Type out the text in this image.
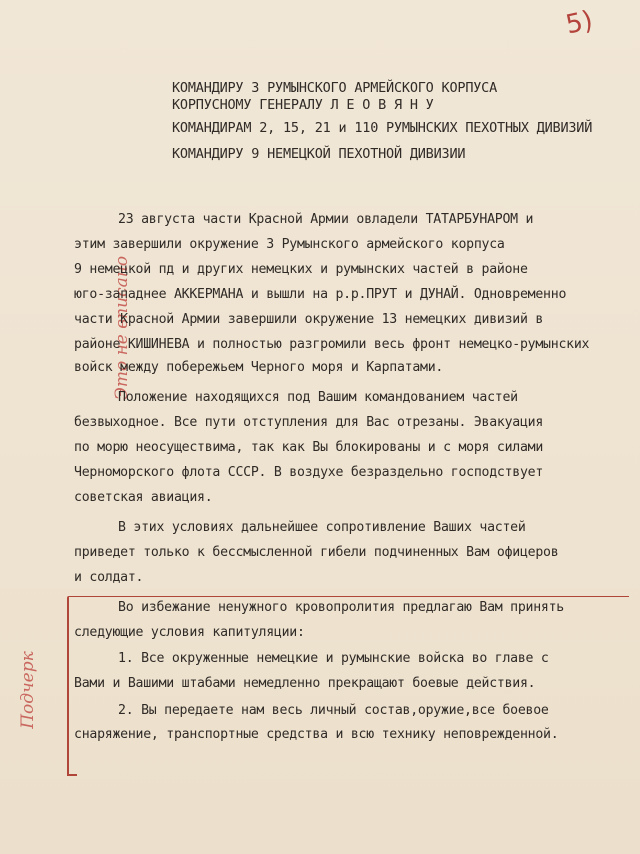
5)
Это не вписано
Подчерк
КОМАНДИРУ 3 РУМЫНСКОГО АРМЕЙСКОГО КОРПУСА
КОРПУСНОМУ ГЕНЕРАЛУ Л Е О В Я Н У
КОМАНДИРАМ 2, 15, 21 и 110 РУМЫНСКИХ ПЕХОТНЫХ ДИВИЗИЙ
КОМАНДИРУ 9 НЕМЕЦКОЙ ПЕХОТНОЙ ДИВИЗИИ
23 августа части Красной Армии овладели ТАТАРБУНАРОМ и
этим завершили окружение 3 Румынского армейского корпуса
9 немецкой пд и других немецких и румынских частей в районе
юго-западнее АККЕРМАНА и вышли на р.р.ПРУТ и ДУНАЙ. Одновременно
части Красной Армии завершили окружение 13 немецких дивизий в
районе КИШИНЕВА и полностью разгромили весь фронт немецко-румынских
войск между побережьем Черного моря и Карпатами.
Положение находящихся под Вашим командованием частей
безвыходное. Все пути отступления для Вас отрезаны. Эвакуация
по морю неосуществима, так как Вы блокированы и с моря силами
Черноморского флота СССР. В воздухе безраздельно господствует
советская авиация.
В этих условиях дальнейшее сопротивление Ваших частей
приведет только к бессмысленной гибели подчиненных Вам офицеров
и солдат.
Во избежание ненужного кровопролития предлагаю Вам принять
следующие условия капитуляции:
1. Все окруженные немецкие и румынские войска во главе с
Вами и Вашими штабами немедленно прекращают боевые действия.
2. Вы передаете нам весь личный состав,оружие,все боевое
снаряжение, транспортные средства и всю технику неповрежденной.
